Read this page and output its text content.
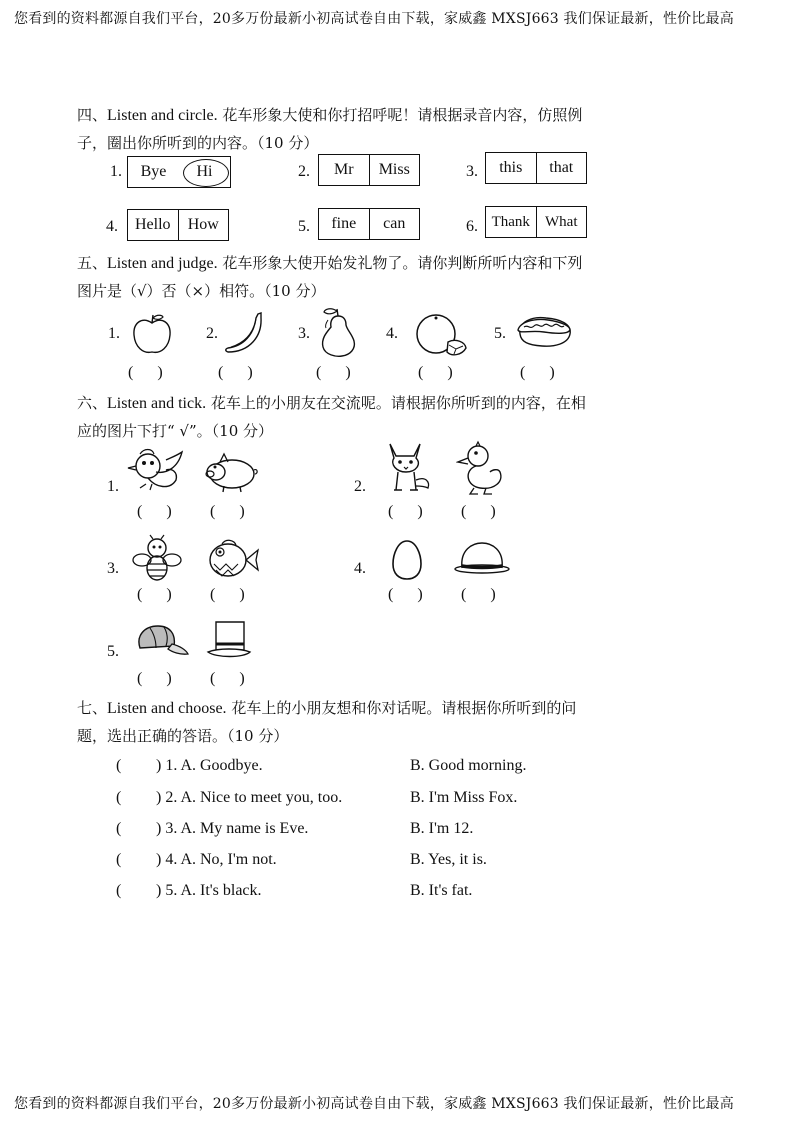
您看到的资料都源自我们平台，20多万份最新小初高试卷自由下载，家威鑫 MXSJ663 我们保证最新，性价比最高
四、Listen and circle. 花车形象大使和你打招呼呢！请根据录音内容，仿照例
子，圈出你所听到的内容。（10 分）
1.	Bye	Hi	2.	Mr	Miss	3.	this	that
4.	Hello	How	5.	fine	can	6. Thank	What
五、Listen and judge. 花车形象大使开始发礼物了。请你判断所听内容和下列
图片是（√）否（×）相符。（10 分）
1.	2.	3.	4.	5.
(      )	(      )	(      )	(      )	(      )
六、Listen and tick. 花车上的小朋友在交流呢。请根据你所听到的内容，在相
应的图片下打“ √”。（10 分）
1.
(      ) (      )
2.
(      ) (      )
3.
(      ) (      )
4.
(      ) (      )
5.
(      ) (      )
七、Listen and choose. 花车上的小朋友想和你对话呢。请根据你所听到的问
题，选出正确的答语。（10 分）
( ) 1. A. Goodbye.	B. Good morning.
( ) 2. A. Nice to meet you, too.	B. I'm Miss Fox.
( ) 3. A. My name is Eve.	B. I'm 12.
( ) 4. A. No, I'm not.	B. Yes, it is.
( ) 5. A. It's black.	B. It's fat.
您看到的资料都源自我们平台，20多万份最新小初高试卷自由下载，家威鑫 MXSJ663 我们保证最新，性价比最高
